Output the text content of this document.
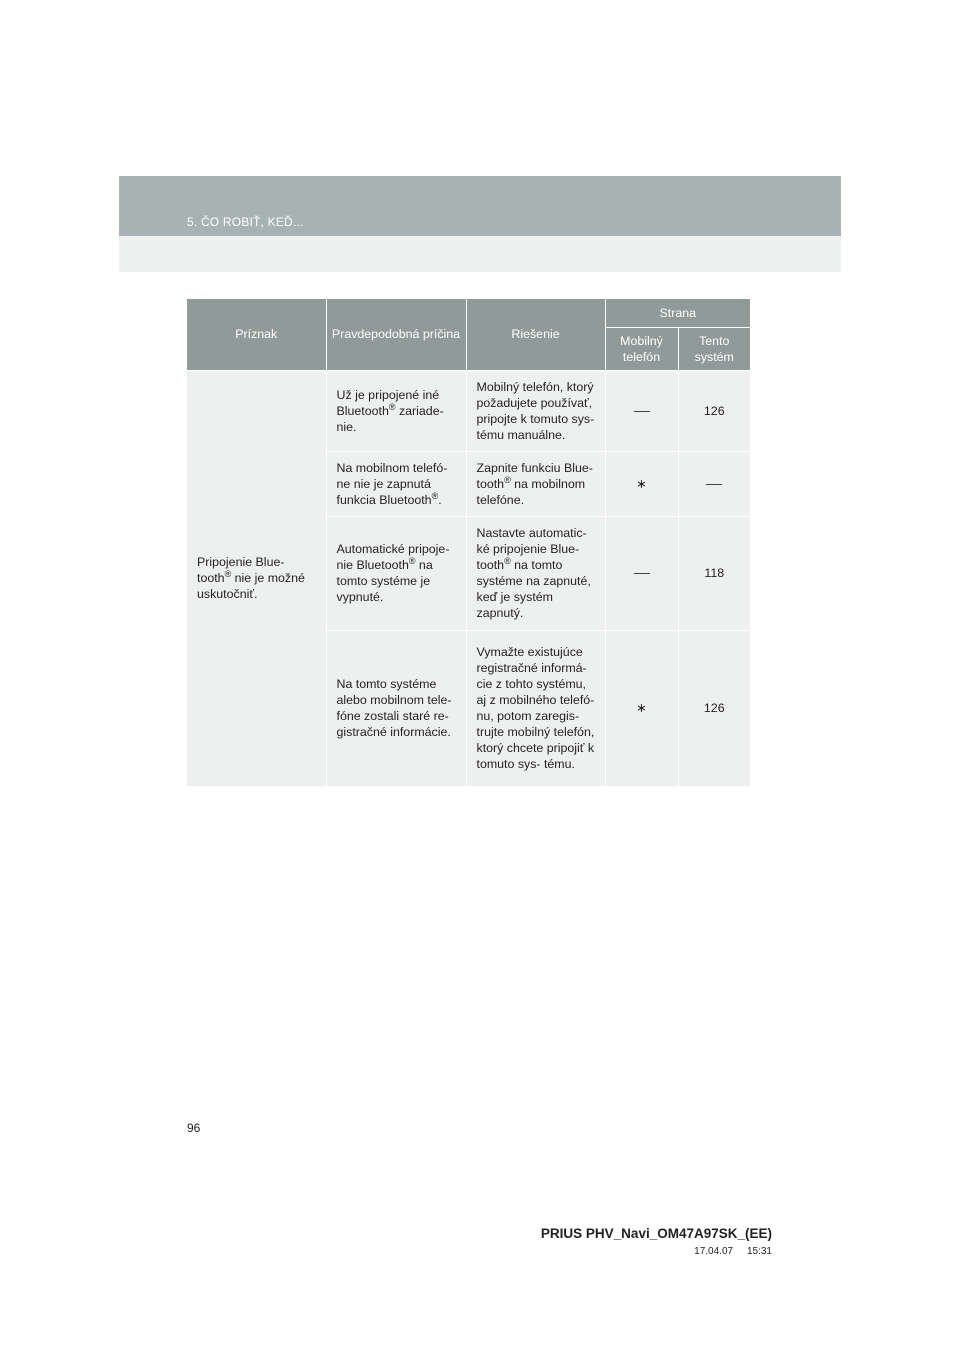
5. ČO ROBIŤ, KEĎ...
Príznak	Pravdepodobná príčina	Riešenie	Strana	
			Mobilný telefón	Tento systém
Pripojenie Blue- tooth® nie je možné uskutočniť.	Už je pripojené iné Bluetooth® zariade- nie.	Mobilný telefón, ktorý požadujete používať, pripojte k tomuto sys- tému manuálne.		126
	Na mobilnom telefó- ne nie je zapnutá funkcia Bluetooth®.	Zapnite funkciu Blue- tooth® na mobilnom telefóne.	∗	
	Automatické pripoje- nie Bluetooth® na tomto systéme je vypnuté.	Nastavte automatic- ké pripojenie Blue- tooth® na tomto systéme na zapnuté, keď je systém zapnutý.		118
	Na tomto systéme alebo mobilnom tele- fóne zostali staré re- gistračné informácie.	Vymažte existujúce registračné informá- cie z tohto systému, aj z mobilného telefó- nu, potom zaregis- trujte mobilný telefón, ktorý chcete pripojiť k tomuto sys- tému.	∗	126
96
PRIUS PHV_Navi_OM47A97SK_(EE)
17.04.07     15:31
